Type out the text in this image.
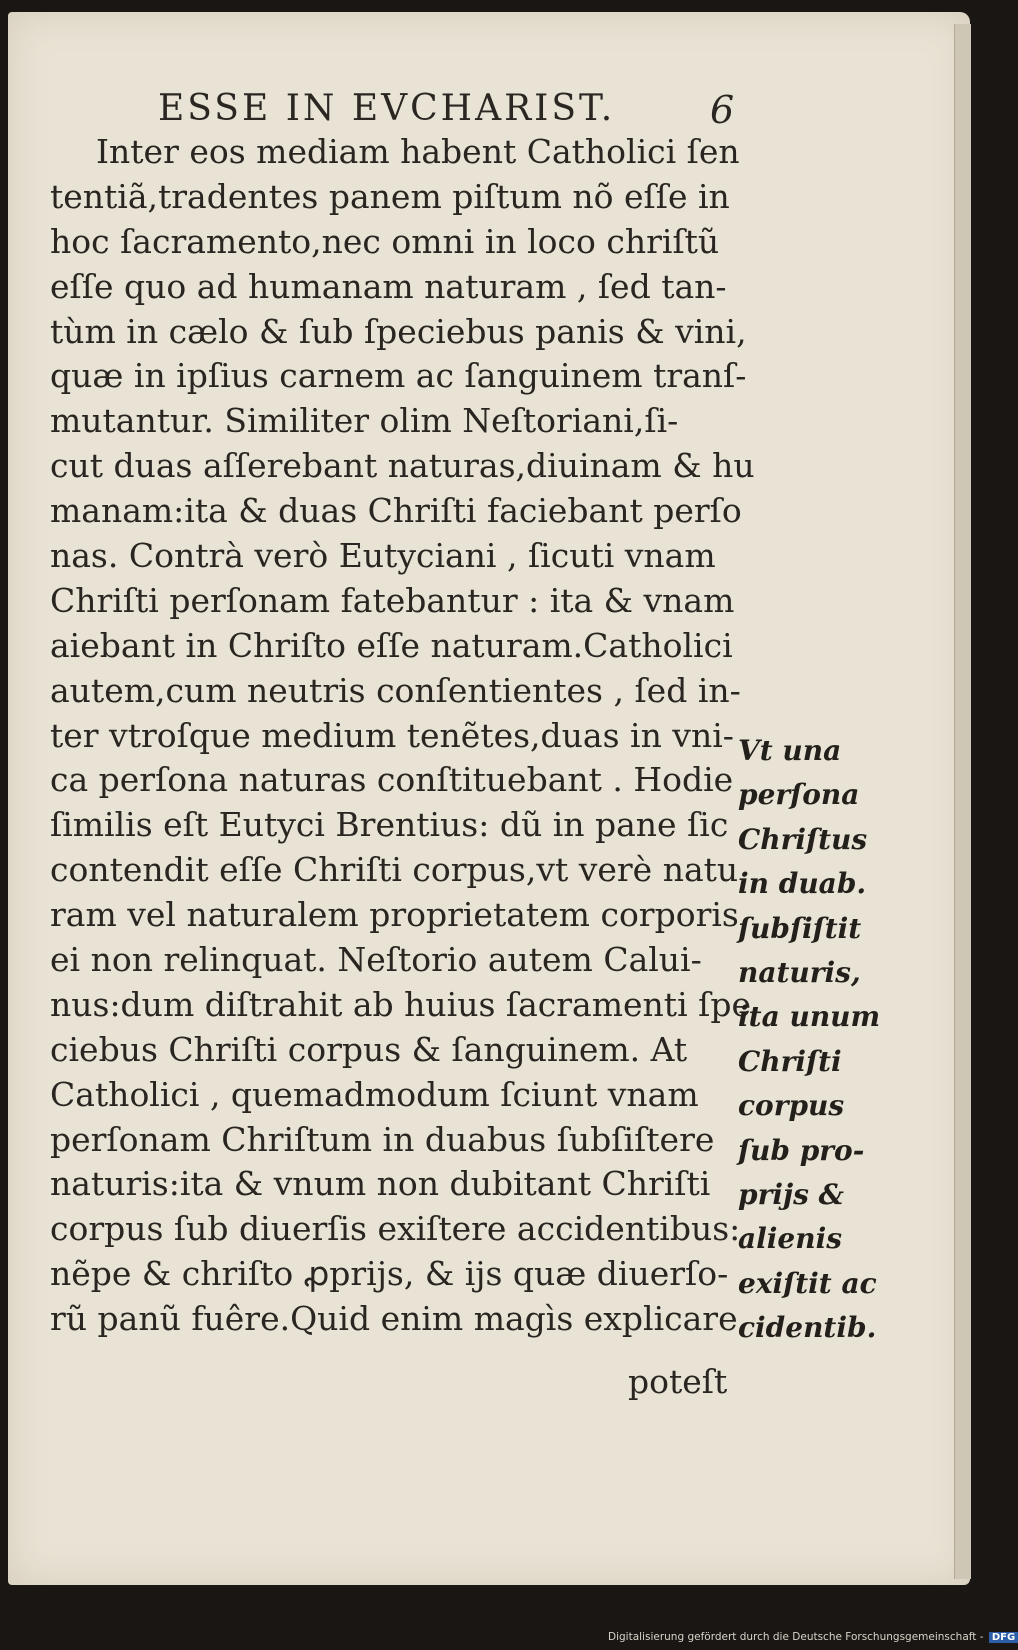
ESSE IN EVCHARIST. 6
Inter eos mediam habent Catholici ſen
tentiã,tradentes panem piſtum nõ eſſe in
hoc ſacramento,nec omni in loco chriſtũ
eſſe quo ad humanam naturam , ſed tan-
tùm in cælo & ſub ſpeciebus panis & vini,
quæ in ipſius carnem ac ſanguinem tranſ-
mutantur. Similiter olim Neſtoriani,ſi-
cut duas aſſerebant naturas,diuinam & hu
manam:ita & duas Chriſti faciebant perſo
nas. Contrà verò Eutyciani , ſicuti vnam
Chriſti perſonam fatebantur : ita & vnam
aiebant in Chriſto eſſe naturam.Catholici
autem,cum neutris conſentientes , ſed in-
ter vtroſque medium tenẽtes,duas in vni-
ca perſona naturas conſtituebant . Hodie
ſimilis eſt Eutyci Brentius: dũ in pane ſic
contendit eſſe Chriſti corpus,vt verè natu
ram vel naturalem proprietatem corporis
ei non relinquat. Neſtorio autem Calui-
nus:dum diſtrahit ab huius ſacramenti ſpe
ciebus Chriſti corpus & ſanguinem. At
Catholici , quemadmodum ſciunt vnam
perſonam Chriſtum in duabus ſubſiſtere
naturis:ita & vnum non dubitant Chriſti
corpus ſub diuerſis exiſtere accidentibus:
nẽpe & chriſto ꝓprijs, & ijs quæ diuerſo-
rũ panũ fuêre.Quid enim magìs explicare
Vt una
perſona
Chriſtus
in duab.
ſubſiſtit
naturis,
ita unum
Chriſti
corpus
ſub pro-
prijs &
alienis
exiſtit ac
cidentib.
poteſt
Digitalisierung gefördert durch die Deutsche Forschungsgemeinschaft - DFG
